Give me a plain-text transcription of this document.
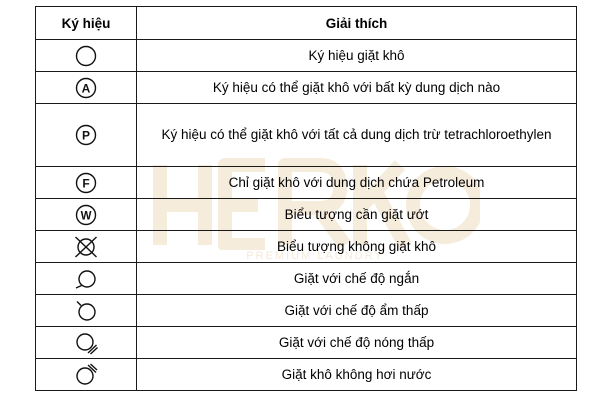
PREMIUM LAUNDRY
Ký hiệu	Giải thích

	Ký hiệu giặt khô

A	Ký hiệu có thể giặt khô với bất kỳ dung dịch nào

P	Ký hiệu có thể giặt khô với tất cả dung dịch trừ tetrachloroethylen

F	Chỉ giặt khô với dung dịch chứa Petroleum

W	Biểu tượng cần giặt ướt

	Biểu tượng không giặt khô

	Giặt với chế độ ngắn

	Giặt với chế độ ẩm thấp

	Giặt với chế độ nóng thấp

	Giặt khô không hơi nước
